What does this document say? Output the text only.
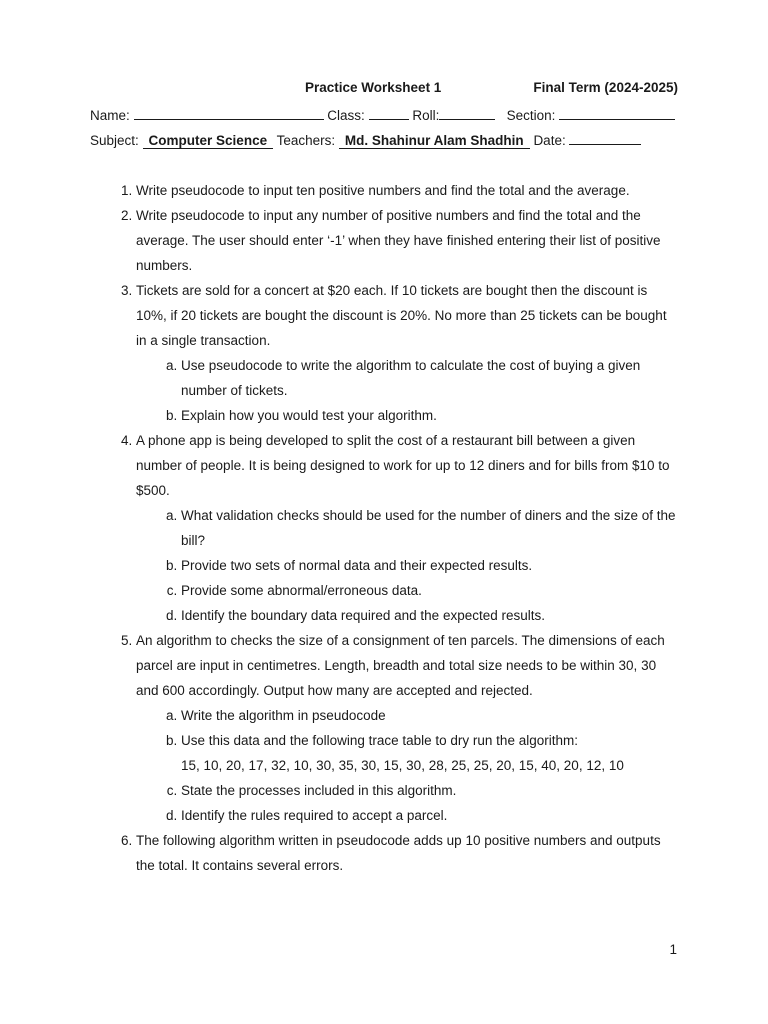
Practice Worksheet 1	Final Term (2024-2025)
Name:	Class:	Roll:	Section:
Subject: Computer Science Teachers: Md. Shahinur Alam Shadhin Date:
1. Write pseudocode to input ten positive numbers and find the total and the average.
2. Write pseudocode to input any number of positive numbers and find the total and the average. The user should enter ‘-1’ when they have finished entering their list of positive numbers.
3. Tickets are sold for a concert at $20 each. If 10 tickets are bought then the discount is 10%, if 20 tickets are bought the discount is 20%. No more than 25 tickets can be bought in a single transaction.
a. Use pseudocode to write the algorithm to calculate the cost of buying a given number of tickets.
b. Explain how you would test your algorithm.
4. A phone app is being developed to split the cost of a restaurant bill between a given number of people. It is being designed to work for up to 12 diners and for bills from $10 to $500.
a. What validation checks should be used for the number of diners and the size of the bill?
b. Provide two sets of normal data and their expected results.
c. Provide some abnormal/erroneous data.
d. Identify the boundary data required and the expected results.
5. An algorithm to checks the size of a consignment of ten parcels. The dimensions of each parcel are input in centimetres. Length, breadth and total size needs to be within 30, 30 and 600 accordingly. Output how many are accepted and rejected.
a. Write the algorithm in pseudocode
b. Use this data and the following trace table to dry run the algorithm:
15, 10, 20, 17, 32, 10, 30, 35, 30, 15, 30, 28, 25, 25, 20, 15, 40, 20, 12, 10
c. State the processes included in this algorithm.
d. Identify the rules required to accept a parcel.
6. The following algorithm written in pseudocode adds up 10 positive numbers and outputs the total. It contains several errors.
1
